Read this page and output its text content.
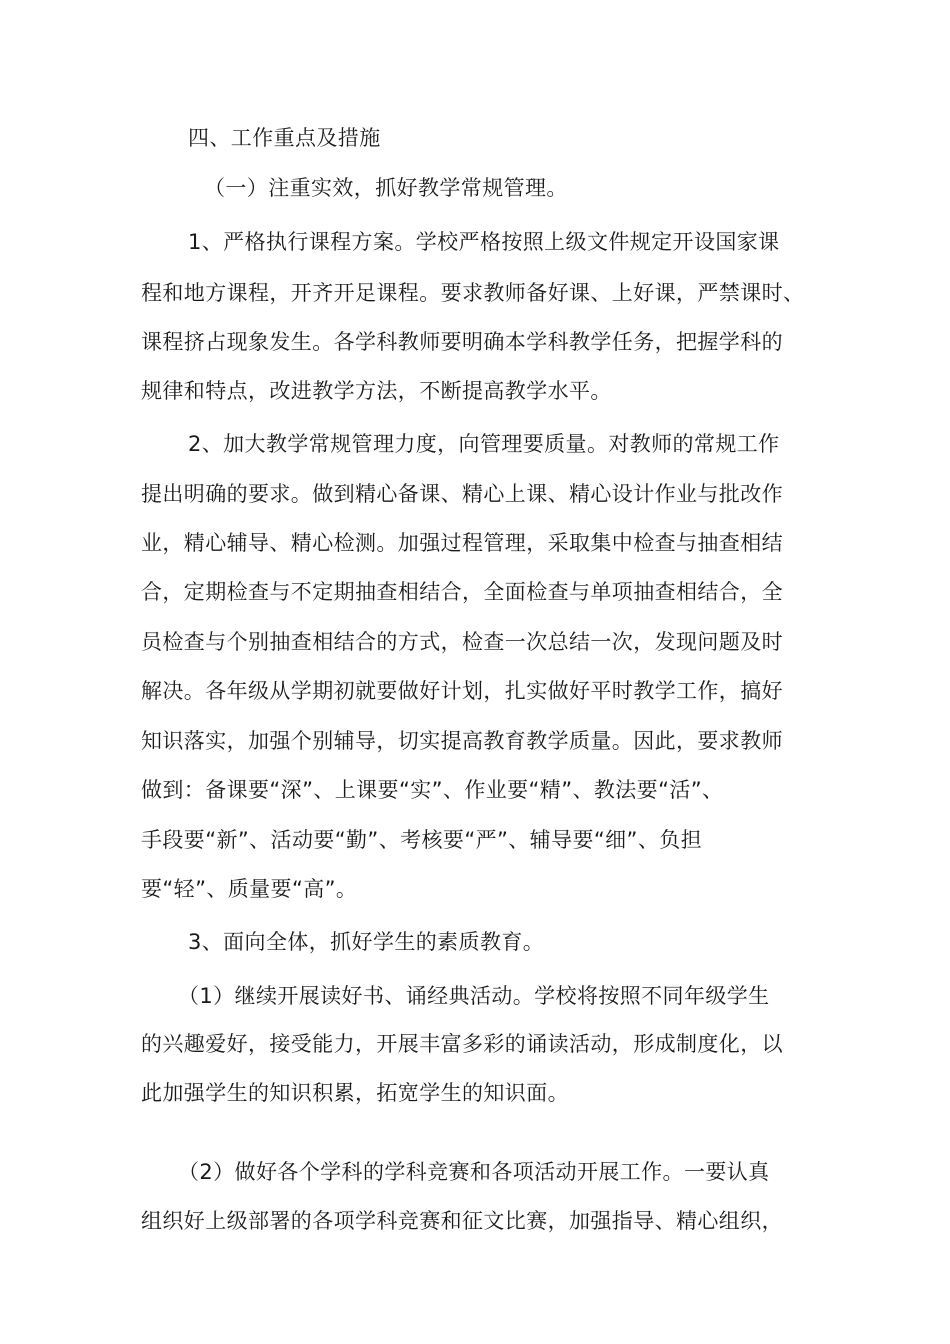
四、工作重点及措施

（一）注重实效，抓好教学常规管理。

1、严格执行课程方案。学校严格按照上级文件规定开设国家课

程和地方课程，开齐开足课程。要求教师备好课、上好课，严禁课时、

课程挤占现象发生。各学科教师要明确本学科教学任务，把握学科的

规律和特点，改进教学方法，不断提高教学水平。

2、加大教学常规管理力度，向管理要质量。对教师的常规工作

提出明确的要求。做到精心备课、精心上课、精心设计作业与批改作

业，精心辅导、精心检测。加强过程管理，采取集中检查与抽查相结

合，定期检查与不定期抽查相结合，全面检查与单项抽查相结合，全

员检查与个别抽查相结合的方式，检查一次总结一次，发现问题及时

解决。各年级从学期初就要做好计划，扎实做好平时教学工作，搞好

知识落实，加强个别辅导，切实提高教育教学质量。因此，要求教师

做到：备课要“深”、上课要“实”、作业要“精”、教法要“活”、

手段要“新”、活动要“勤”、考核要“严”、辅导要“细”、负担

要“轻”、质量要“高”。

3、面向全体，抓好学生的素质教育。

（1）继续开展读好书、诵经典活动。学校将按照不同年级学生

的兴趣爱好，接受能力，开展丰富多彩的诵读活动，形成制度化，以

此加强学生的知识积累，拓宽学生的知识面。

（2）做好各个学科的学科竞赛和各项活动开展工作。一要认真

组织好上级部署的各项学科竞赛和征文比赛，加强指导、精心组织，
